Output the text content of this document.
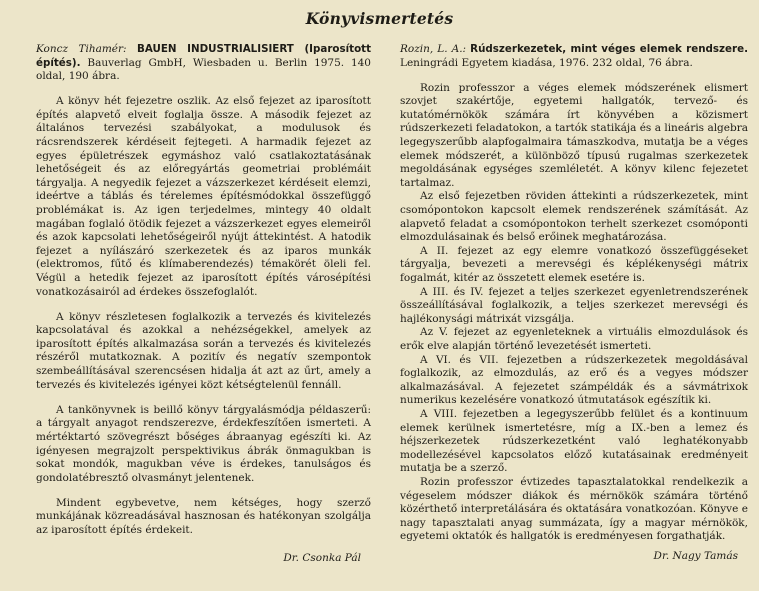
Könyvismertetés

Koncz Tihamér: BAUEN INDUSTRIALISIERT (Iparosított építés). Bauverlag GmbH, Wiesbaden u. Berlin 1975. 140 oldal, 190 ábra.

A könyv hét fejezetre oszlik. Az első fejezet az iparosított építés alapvető elveit foglalja össze. A második fejezet az általános tervezési szabályokat, a modulusok és rácsrendszerek kérdéseit fejtegeti. A harmadik fejezet az egyes épületrészek egymáshoz való csatlakoztatásának lehetőségeit és az előregyártás geometriai problémáit tárgyalja. A negyedik fejezet a vázszerkezet kérdéseit elemzi, ideértve a táblás és térelemes építésmódokkal összefüggő problémákat is. Az igen terjedelmes, mintegy 40 oldalt magában foglaló ötödik fejezet a vázszerkezet egyes elemeiről és azok kapcsolati lehetőségeiről nyújt áttekintést. A hatodik fejezet a nyílászáró szerkezetek és az iparos munkák (elektromos, fűtő és klímaberendezés) témakörét öleli fel. Végül a hetedik fejezet az iparosított építés városépítési vonatkozásairól ad érdekes összefoglalót.

A könyv részletesen foglalkozik a tervezés és kivitelezés kapcsolatával és azokkal a nehézségekkel, amelyek az iparosított építés alkalmazása során a tervezés és kivitelezés részéről mutatkoznak. A pozitív és negatív szempontok szembeállításával szerencsésen hidalja át azt az űrt, amely a tervezés és kivitelezés igényei közt kétségtelenül fennáll.

A tankönyvnek is beillő könyv tárgyalásmódja példaszerű: a tárgyalt anyagot rendszerezve, érdekfeszítően ismerteti. A mértéktartó szövegrészt bőséges ábraanyag egészíti ki. Az igényesen megrajzolt perspektivikus ábrák önmagukban is sokat mondók, magukban véve is érdekes, tanulságos és gondolatébresztő olvasmányt jelentenek.

Mindent egybevetve, nem kétséges, hogy szerző munkájának közreadásával hasznosan és hatékonyan szolgálja az iparosított építés érdekeit.

Dr. Csonka Pál

Rozin, L. A.: Rúdszerkezetek, mint véges elemek rendszere. Leningrádi Egyetem kiadása, 1976. 232 oldal, 76 ábra.

Rozin professzor a véges elemek módszerének elismert szovjet szakértője, egyetemi hallgatók, tervező- és kutatómérnökök számára írt könyvében a közismert rúdszerkezeti feladatokon, a tartók statikája és a lineáris algebra legegyszerűbb alapfogalmaira támaszkodva, mutatja be a véges elemek módszerét, a különböző típusú rugalmas szerkezetek megoldásának egységes szemléletét. A könyv kilenc fejezetet tartalmaz.

Az első fejezetben röviden áttekinti a rúdszerkezetek, mint csomópontokon kapcsolt elemek rendszerének számítását. Az alapvető feladat a csomópontokon terhelt szerkezet csomóponti elmozdulásainak és belső erőinek meghatározása.

A II. fejezet az egy elemre vonatkozó összefüggéseket tárgyalja, bevezeti a merevségi és képlékenységi mátrix fogalmát, kitér az összetett elemek esetére is.

A III. és IV. fejezet a teljes szerkezet egyenletrendszerének összeállításával foglalkozik, a teljes szerkezet merevségi és hajlékonysági mátrixát vizsgálja.

Az V. fejezet az egyenleteknek a virtuális elmozdulások és erők elve alapján történő levezetését ismerteti.

A VI. és VII. fejezetben a rúdszerkezetek megoldásával foglalkozik, az elmozdulás, az erő és a vegyes módszer alkalmazásával. A fejezetet számpéldák és a sávmátrixok numerikus kezelésére vonatkozó útmutatások egészítik ki.

A VIII. fejezetben a legegyszerűbb felület és a kontinuum elemek kerülnek ismertetésre, míg a IX.-ben a lemez és héjszerkezetek rúdszerkezetként való leghatékonyabb modellezésével kapcsolatos előző kutatásainak eredményeit mutatja be a szerző.

Rozin professzor évtizedes tapasztalatokkal rendelkezik a végeselem módszer diákok és mérnökök számára történő közérthető interpretálására és oktatására vonatkozóan. Könyve e nagy tapasztalati anyag summázata, így a magyar mérnökök, egyetemi oktatók és hallgatók is eredményesen forgathatják.

Dr. Nagy Tamás
